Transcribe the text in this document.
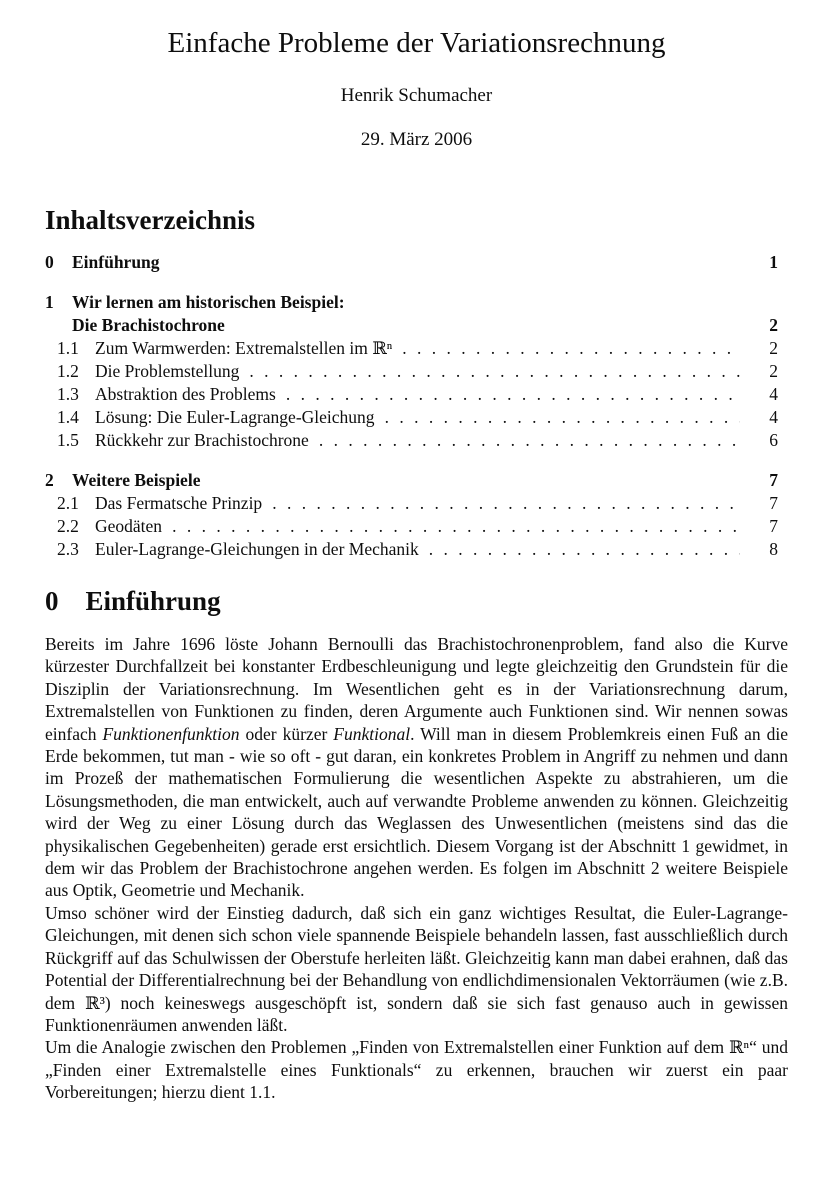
Einfache Probleme der Variationsrechnung
Henrik Schumacher
29. März 2006
Inhaltsverzeichnis
0	Einführung	1
1	Wir lernen am historischen Beispiel:
Die Brachistochrone	2
1.1 Zum Warmwerden: Extremalstellen im ℝⁿ . . .	2
1.2 Die Problemstellung . . .	2
1.3 Abstraktion des Problems . . .	4
1.4 Lösung: Die Euler-Lagrange-Gleichung . . .	4
1.5 Rückkehr zur Brachistochrone . . .	6
2	Weitere Beispiele	7
2.1 Das Fermatsche Prinzip . . .	7
2.2 Geodäten . . .	7
2.3 Euler-Lagrange-Gleichungen in der Mechanik . . .	8
0 Einführung

Bereits im Jahre 1696 löste Johann Bernoulli das Brachistochronenproblem, fand also die Kurve kürzester Durchfallzeit bei konstanter Erdbeschleunigung und legte gleichzeitig den Grundstein für die Disziplin der Variationsrechnung. Im Wesentlichen geht es in der Variationsrechnung darum, Extremalstellen von Funktionen zu finden, deren Argumente auch Funktionen sind. Wir nennen sowas einfach Funktionenfunktion oder kürzer Funktional. Will man in diesem Problemkreis einen Fuß an die Erde bekommen, tut man - wie so oft - gut daran, ein konkretes Problem in Angriff zu nehmen und dann im Prozeß der mathematischen Formulierung die wesentlichen Aspekte zu abstrahieren, um die Lösungsmethoden, die man entwickelt, auch auf verwandte Probleme anwenden zu können. Gleichzeitig wird der Weg zu einer Lösung durch das Weglassen des Unwesentlichen (meistens sind das die physikalischen Gegebenheiten) gerade erst ersichtlich. Diesem Vorgang ist der Abschnitt 1 gewidmet, in dem wir das Problem der Brachistochrone angehen werden. Es folgen im Abschnitt 2 weitere Beispiele aus Optik, Geometrie und Mechanik.

Umso schöner wird der Einstieg dadurch, daß sich ein ganz wichtiges Resultat, die Euler-Lagrange-Gleichungen, mit denen sich schon viele spannende Beispiele behandeln lassen, fast ausschließlich durch Rückgriff auf das Schulwissen der Oberstufe herleiten läßt. Gleichzeitig kann man dabei erahnen, daß das Potential der Differentialrechnung bei der Behandlung von endlichdimensionalen Vektorräumen (wie z.B. dem ℝ³) noch keineswegs ausgeschöpft ist, sondern daß sie sich fast genauso auch in gewissen Funktionenräumen anwenden läßt.

Um die Analogie zwischen den Problemen „Finden von Extremalstellen einer Funktion auf dem ℝⁿ“ und „Finden einer Extremalstelle eines Funktionals“ zu erkennen, brauchen wir zuerst ein paar Vorbereitungen; hierzu dient 1.1.
